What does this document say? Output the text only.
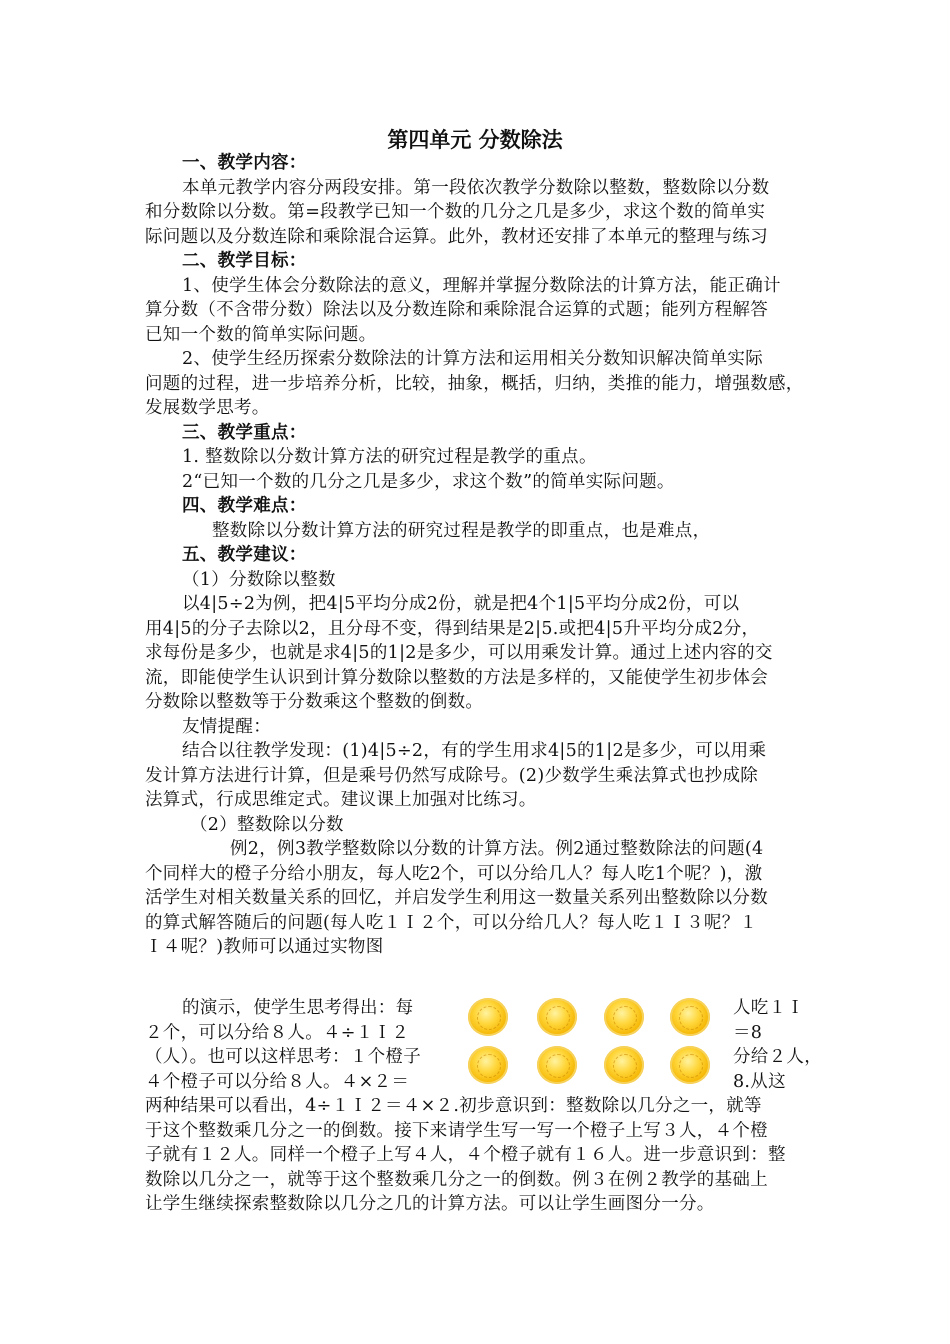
第四单元 分数除法
一、教学内容：
本单元教学内容分两段安排。第一段依次教学分数除以整数，整数除以分数
和分数除以分数。第=段教学已知一个数的几分之几是多少，求这个数的简单实
际问题以及分数连除和乘除混合运算。此外，教材还安排了本单元的整理与练习
二、教学目标：
1、使学生体会分数除法的意义，理解并掌握分数除法的计算方法，能正确计
算分数（不含带分数）除法以及分数连除和乘除混合运算的式题；能列方程解答
已知一个数的简单实际问题。
2、使学生经历探索分数除法的计算方法和运用相关分数知识解决简单实际
问题的过程，进一步培养分析，比较，抽象，概括，归纳，类推的能力，增强数感，
发展数学思考。
三、教学重点：
1. 整数除以分数计算方法的研究过程是教学的重点。
2“已知一个数的几分之几是多少，求这个数”的简单实际问题。
四、教学难点：
整数除以分数计算方法的研究过程是教学的即重点，也是难点，
五、教学建议：
（1）分数除以整数
以4|5÷2为例，把4|5平均分成2份，就是把4个1|5平均分成2份，可以
用4|5的分子去除以2，且分母不变，得到结果是2|5.或把4|5升平均分成2分，
求每份是多少，也就是求4|5的1|2是多少，可以用乘发计算。通过上述内容的交
流，即能使学生认识到计算分数除以整数的方法是多样的，又能使学生初步体会
分数除以整数等于分数乘这个整数的倒数。
友情提醒：
结合以往教学发现：(1)4|5÷2，有的学生用求4|5的1|2是多少，可以用乘
发计算方法进行计算，但是乘号仍然写成除号。(2)少数学生乘法算式也抄成除
法算式，行成思维定式。建议课上加强对比练习。
（2）整数除以分数
例2，例3教学整数除以分数的计算方法。例2通过整数除法的问题(4
个同样大的橙子分给小朋友，每人吃2个，可以分给几人？每人吃1个呢？)，激
活学生对相关数量关系的回忆，并启发学生利用这一数量关系列出整数除以分数
的算式解答随后的问题(每人吃１Ｉ２个，可以分给几人？每人吃１Ｉ３呢？１
Ｉ４呢？)教师可以通过实物图
的演示，使学生思考得出：每
２个，可以分给８人。４÷１Ｉ２
（人）。也可以这样思考：１个橙子
４个橙子可以分给８人。４×２＝
人吃１Ｉ
＝8
分给２人，
8.从这
两种结果可以看出，4÷１Ｉ２＝４×２.初步意识到：整数除以几分之一，就等
于这个整数乘几分之一的倒数。接下来请学生写一写一个橙子上写３人，４个橙
子就有１２人。同样一个橙子上写４人，４个橙子就有１６人。进一步意识到：整
数除以几分之一，就等于这个整数乘几分之一的倒数。例３在例２教学的基础上
让学生继续探索整数除以几分之几的计算方法。可以让学生画图分一分。
